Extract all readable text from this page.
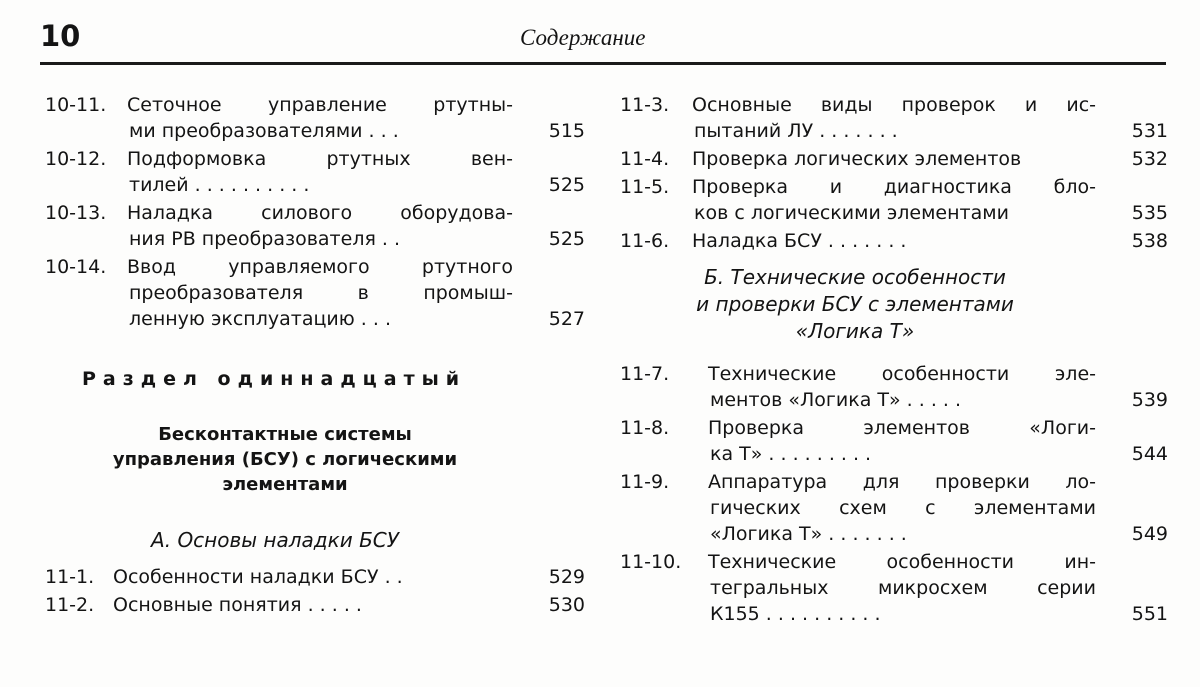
10	Содержание
10-11. Сеточное управление ртутны-
ми преобразователями . . .	515
10-12. Подформовка ртутных вен-
тилей . . . . . . . . . .	525
10-13. Наладка силового оборудова-
ния РВ преобразователя . .	525
10-14. Ввод управляемого ртутного
преобразователя в промыш-
ленную эксплуатацию . . .	527
Раздел одиннадцатый
Бесконтактные системы
управления (БСУ) с логическими
элементами
А. Основы наладки БСУ
11-1. Особенности наладки БСУ . .	529
11-2. Основные понятия . . . . .	530
11-3. Основные виды проверок и ис-
пытаний ЛУ . . . . . . .	531
11-4. Проверка логических элементов	532
11-5. Проверка и диагностика бло-
ков с логическими элементами	535
11-6. Наладка БСУ . . . . . . .	538
Б. Технические особенности
и проверки БСУ с элементами
«Логика Т»
11-7. Технические особенности эле-
ментов «Логика Т» . . . . .	539
11-8. Проверка элементов «Логи-
ка Т» . . . . . . . . .	544
11-9. Аппаратура для проверки ло-
гических схем с элементами
«Логика Т» . . . . . . .	549
11-10. Технические особенности ин-
тегральных микросхем серии
К155 . . . . . . . . . .	551
